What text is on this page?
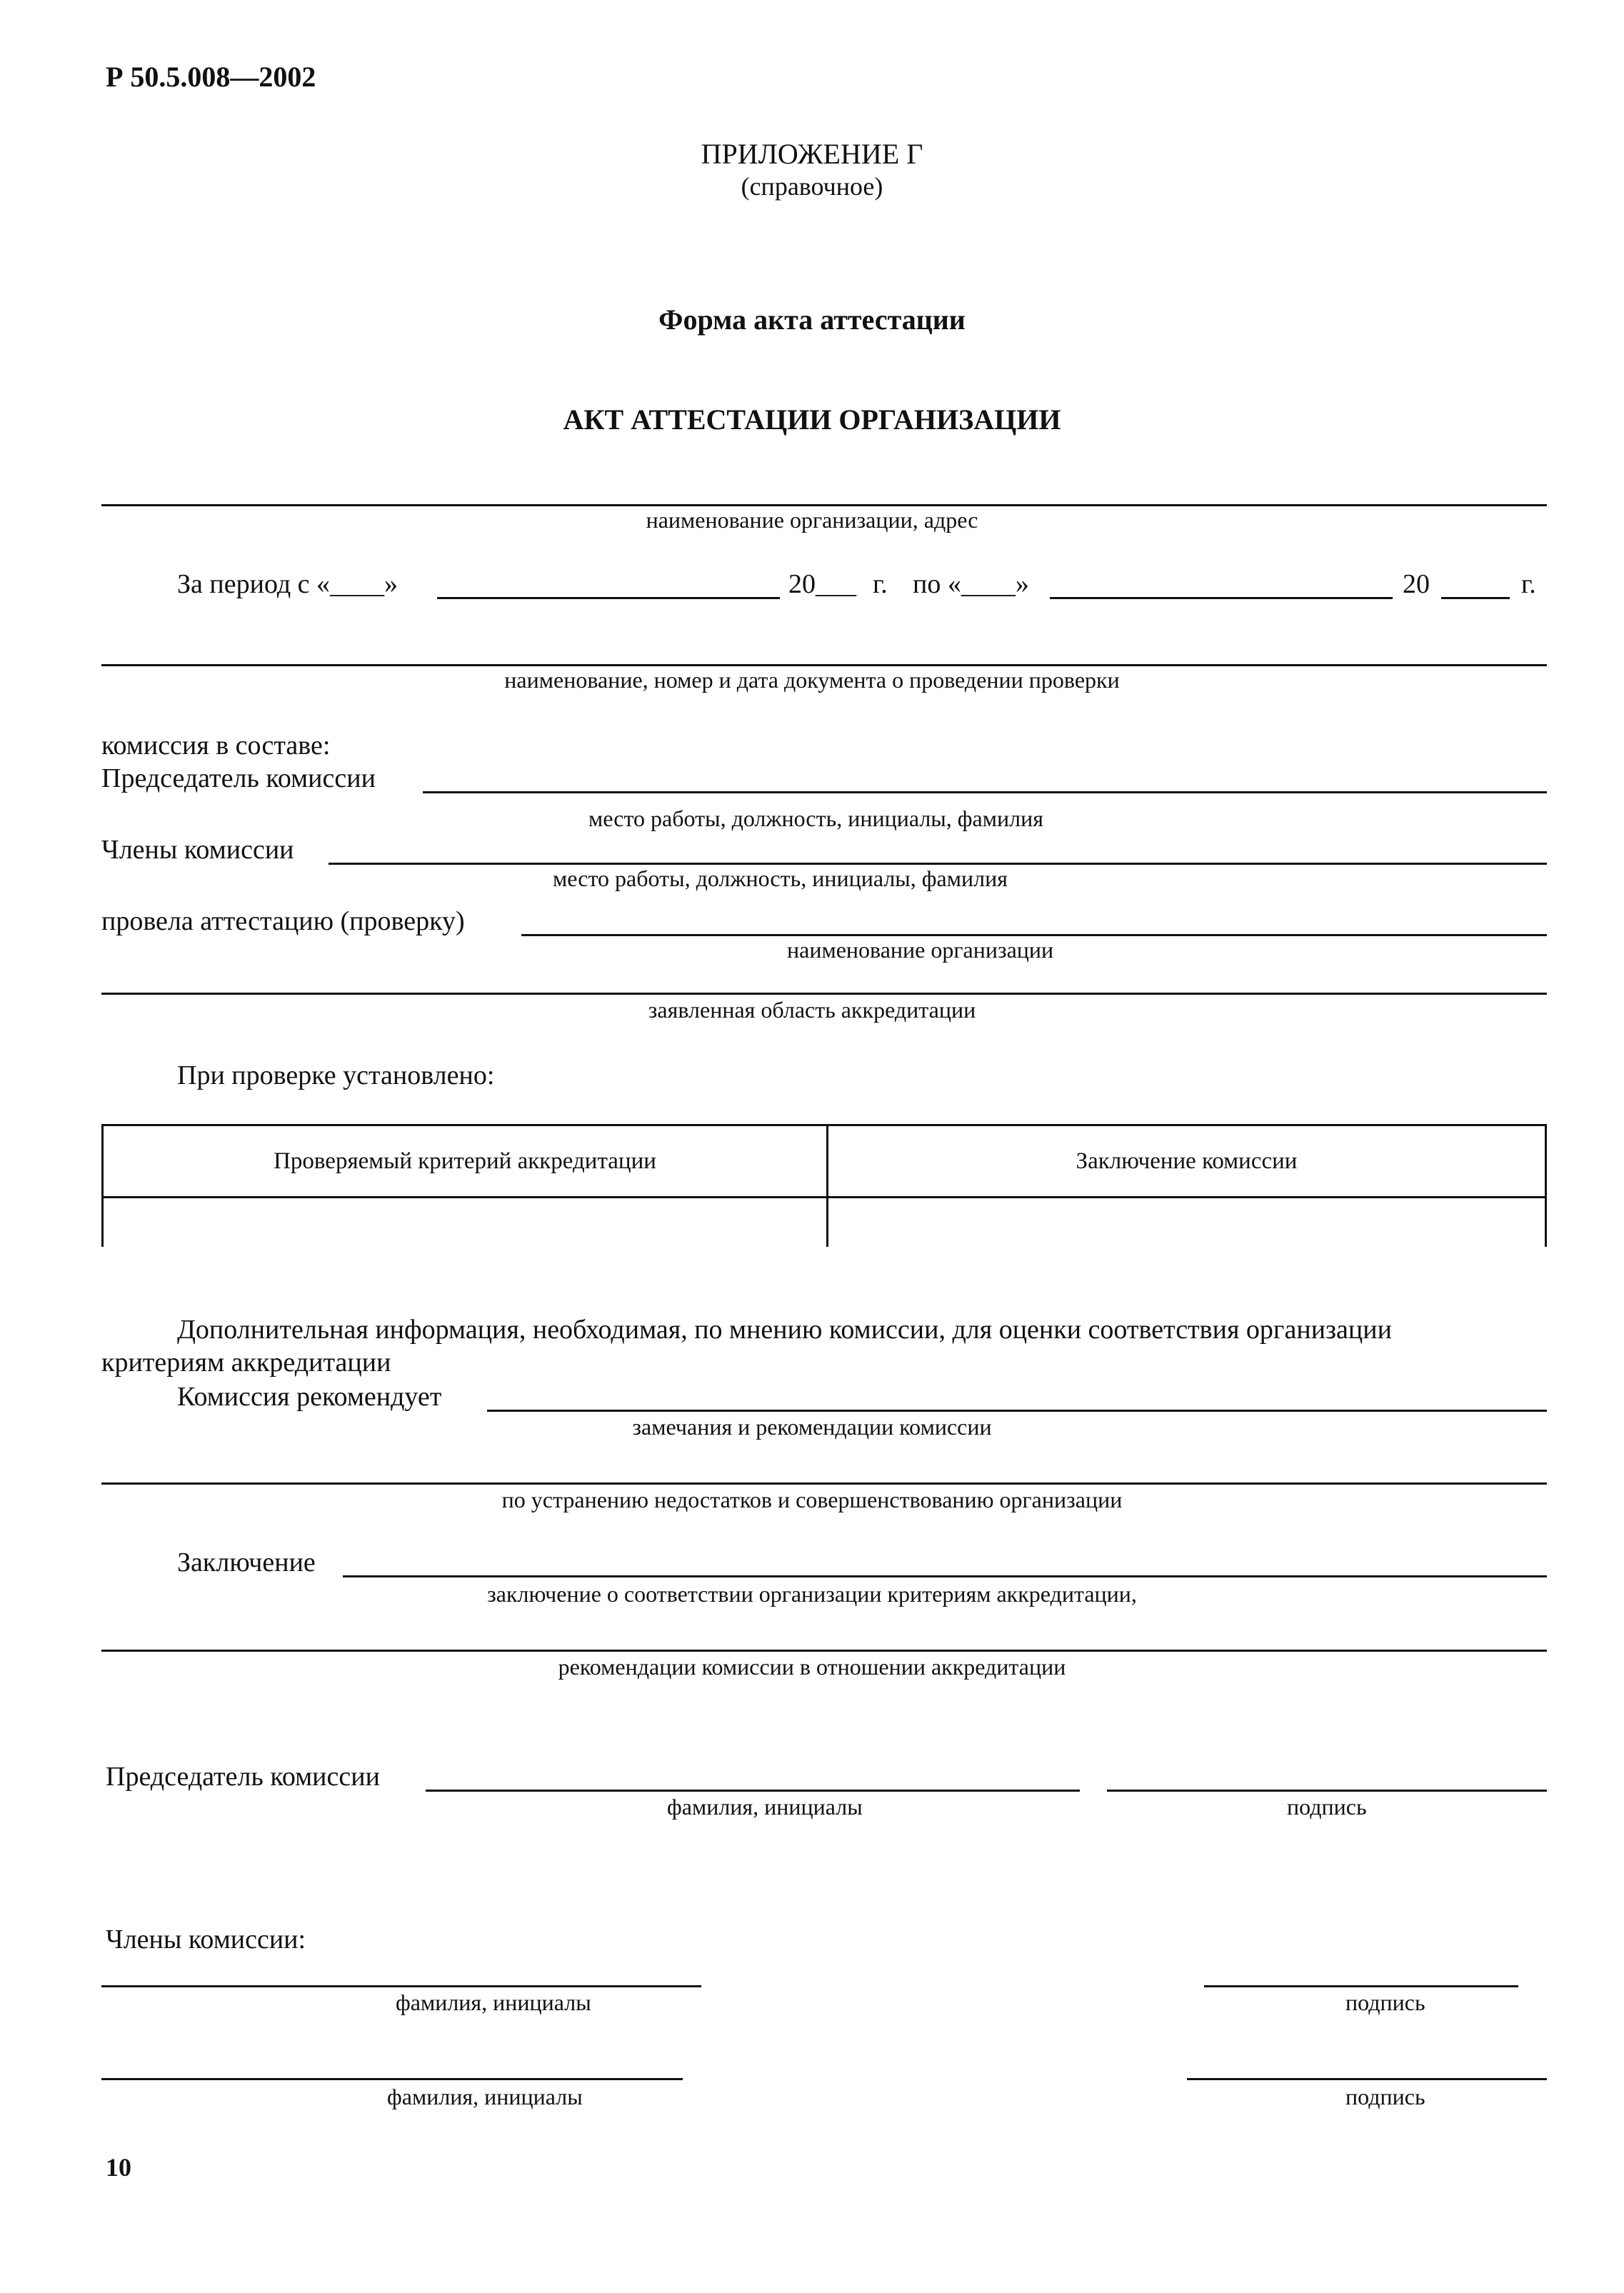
Р 50.5.008—2002
ПРИЛОЖЕНИЕ Г
(справочное)
Форма акта аттестации
АКТ АТТЕСТАЦИИ ОРГАНИЗАЦИИ
наименование организации, адрес
За период с «____»	20___ г. по «____»	20	г.
наименование, номер и дата документа о проведении проверки
комиссия в составе:
Председатель комиссии
место работы, должность, инициалы, фамилия
Члены комиссии
место работы, должность, инициалы, фамилия
провела аттестацию (проверку)
наименование организации
заявленная область аккредитации
При проверке установлено:
Проверяемый критерий аккредитации	Заключение комиссии

Дополнительная информация, необходимая, по мнению комиссии, для оценки соответствия организации
критериям аккредитации
Комиссия рекомендует
замечания и рекомендации комиссии
по устранению недостатков и совершенствованию организации
Заключение
заключение о соответствии организации критериям аккредитации,
рекомендации комиссии в отношении аккредитации
Председатель комиссии
фамилия, инициалы	подпись
Члены комиссии:
фамилия, инициалы	подпись
фамилия, инициалы	подпись
10
